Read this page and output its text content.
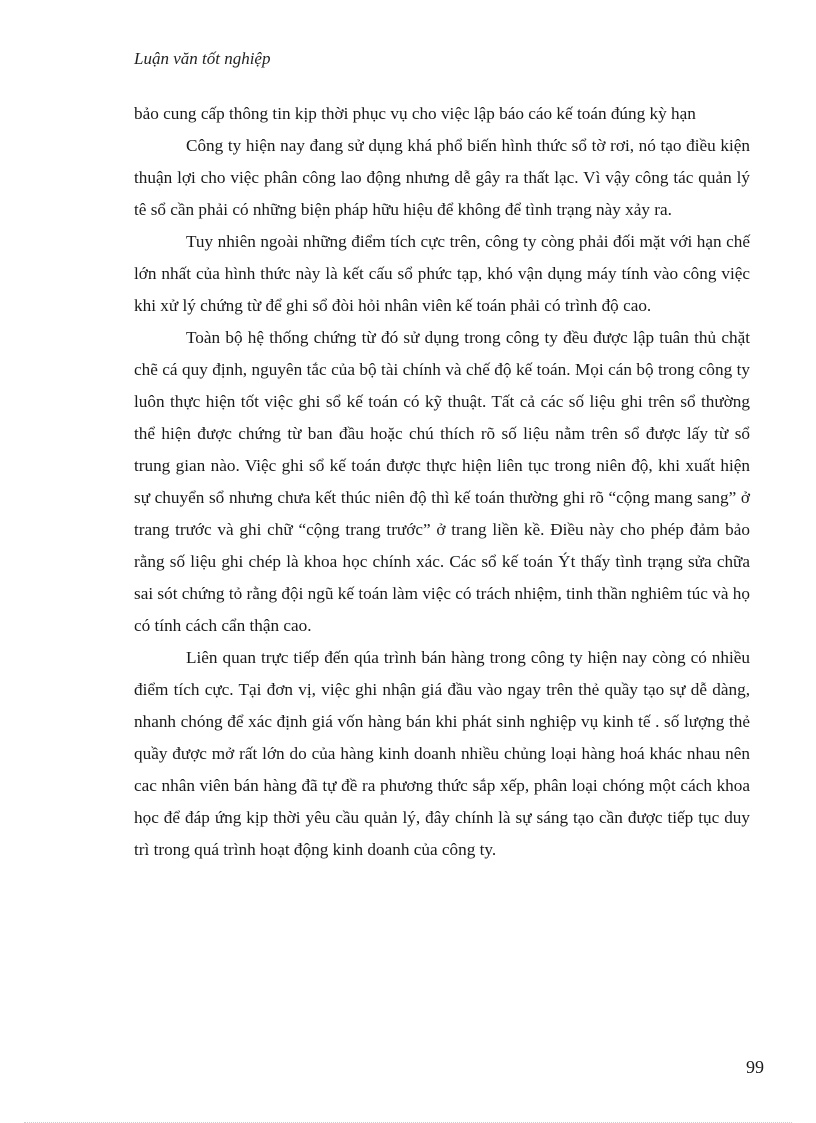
Luận văn tốt nghiệp

bảo cung cấp thông tin kịp thời phục vụ cho việc lập báo cáo kế toán đúng kỳ hạn

Công ty hiện nay đang sử dụng khá phổ biến hình thức sổ tờ rơi, nó tạo điều kiện thuận lợi cho việc phân công lao động nhưng dễ gây ra thất lạc. Vì vậy công tác quản lý tê sổ cần phải có những biện pháp hữu hiệu để không để tình trạng này xảy ra.

Tuy nhiên ngoài những điểm tích cực trên, công ty còng phải đối mặt với hạn chế lớn nhất của hình thức này là kết cấu sổ phức tạp, khó vận dụng máy tính vào công việc khi xử lý chứng từ để ghi sổ đòi hỏi nhân viên kế toán phải có trình độ cao.

Toàn bộ hệ thống chứng từ đó sử dụng trong công ty đều được lập tuân thủ chặt chẽ cá quy định, nguyên tắc của bộ tài chính và chế độ kế toán. Mọi cán bộ trong công ty luôn thực hiện tốt việc ghi sổ kế toán có kỹ thuật. Tất cả các số liệu ghi trên sổ thường thể hiện được chứng từ ban đầu hoặc chú thích rõ số liệu nằm trên sổ được lấy từ sổ trung gian nào. Việc ghi sổ kế toán được thực hiện liên tục trong niên độ, khi xuất hiện sự chuyển sổ nhưng chưa kết thúc niên độ thì kế toán thường ghi rõ “cộng mang sang” ở trang trước và ghi chữ “cộng trang trước” ở trang liền kề. Điều này cho phép đảm bảo rằng số liệu ghi chép là khoa học chính xác. Các sổ kế toán Ýt thấy tình trạng sửa chữa sai sót chứng tỏ rằng đội ngũ kế toán làm việc có trách nhiệm, tinh thần nghiêm túc và họ có tính cách cẩn thận cao.

Liên quan trực tiếp đến qúa trình bán hàng trong công ty hiện nay còng có nhiều điểm tích cực. Tại đơn vị, việc ghi nhận giá đầu vào ngay trên thẻ quầy tạo sự dễ dàng, nhanh chóng để xác định giá vốn hàng bán khi phát sinh nghiệp vụ kinh tế . số lượng thẻ quầy được mở rất lớn do của hàng kinh doanh nhiều chủng loại hàng hoá khác nhau nên cac nhân viên bán hàng đã tự đề ra phương thức sắp xếp, phân loại chóng một cách khoa học để đáp ứng kịp thời yêu cầu quản lý, đây chính là sự sáng tạo cần được tiếp tục duy trì trong quá trình hoạt động kinh doanh của công ty.

99
